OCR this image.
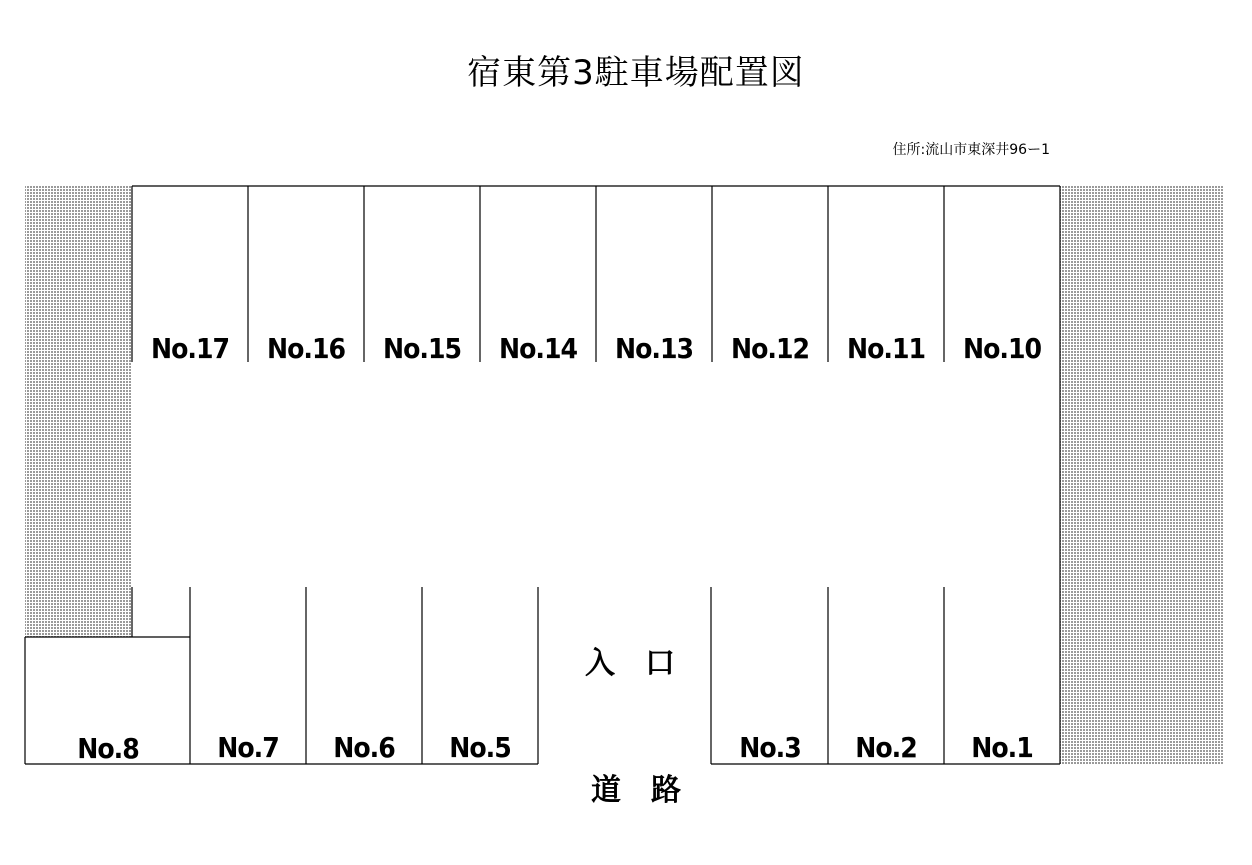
宿東第3駐車場配置図
住所:流山市東深井96ー1
No.17 No.16 No.15 No.14 No.13 No.12 No.11 No.10
No.8	No.7 No.6 No.5	No.3 No.2 No.1
入　口
道　路
